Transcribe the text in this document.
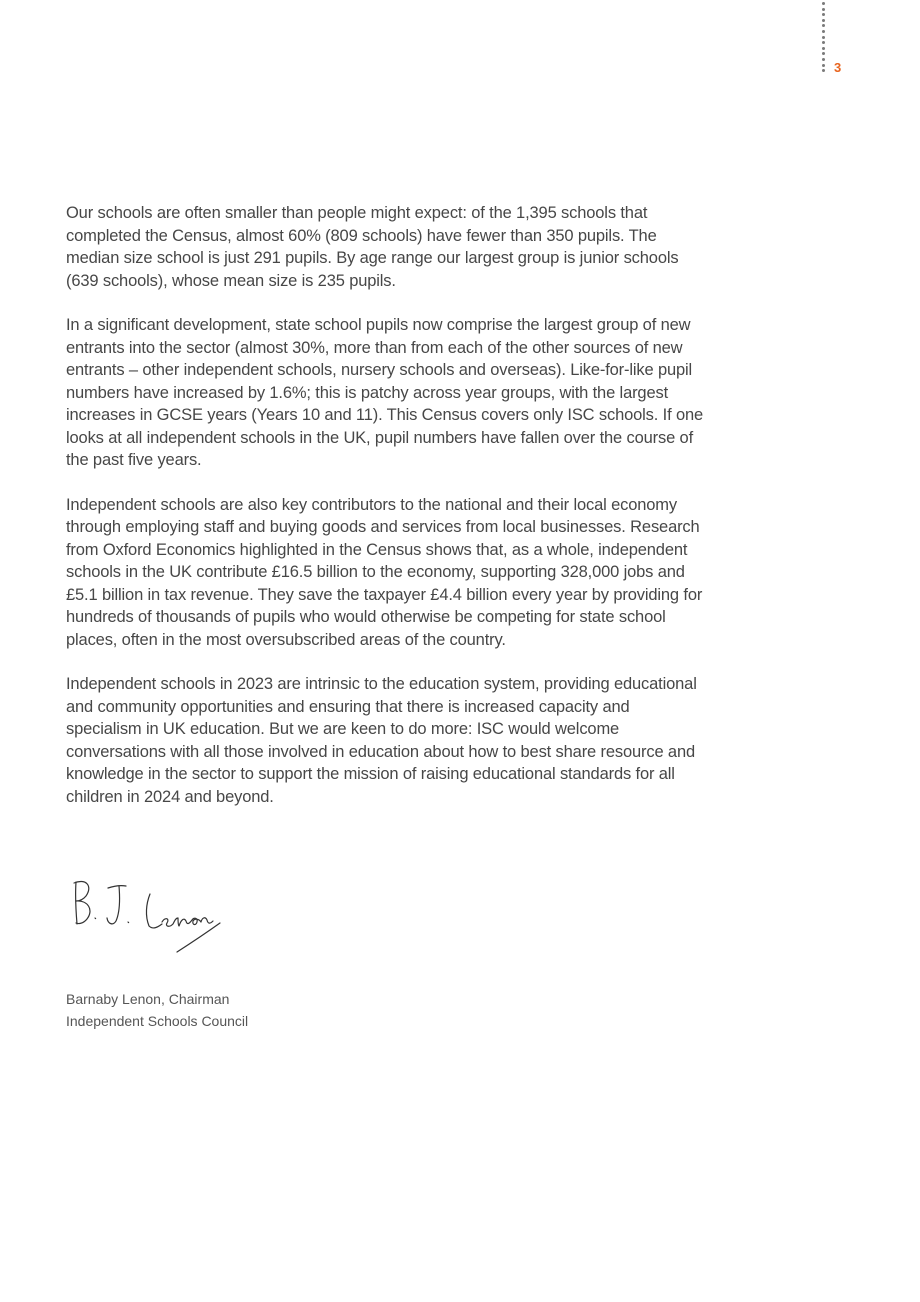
3

Our schools are often smaller than people might expect: of the 1,395 schools that completed the Census, almost 60% (809 schools) have fewer than 350 pupils. The median size school is just 291 pupils. By age range our largest group is junior schools (639 schools), whose mean size is 235 pupils.

In a significant development, state school pupils now comprise the largest group of new entrants into the sector (almost 30%, more than from each of the other sources of new entrants – other independent schools, nursery schools and overseas). Like-for-like pupil numbers have increased by 1.6%; this is patchy across year groups, with the largest increases in GCSE years (Years 10 and 11). This Census covers only ISC schools. If one looks at all independent schools in the UK, pupil numbers have fallen over the course of the past five years.

Independent schools are also key contributors to the national and their local economy through employing staff and buying goods and services from local businesses. Research from Oxford Economics highlighted in the Census shows that, as a whole, independent schools in the UK contribute £16.5 billion to the economy, supporting 328,000 jobs and £5.1 billion in tax revenue. They save the taxpayer £4.4 billion every year by providing for hundreds of thousands of pupils who would otherwise be competing for state school places, often in the most oversubscribed areas of the country.

Independent schools in 2023 are intrinsic to the education system, providing educational and community opportunities and ensuring that there is increased capacity and specialism in UK education. But we are keen to do more: ISC would welcome conversations with all those involved in education about how to best share resource and knowledge in the sector to support the mission of raising educational standards for all children in 2024 and beyond.

Barnaby Lenon, Chairman
Independent Schools Council
